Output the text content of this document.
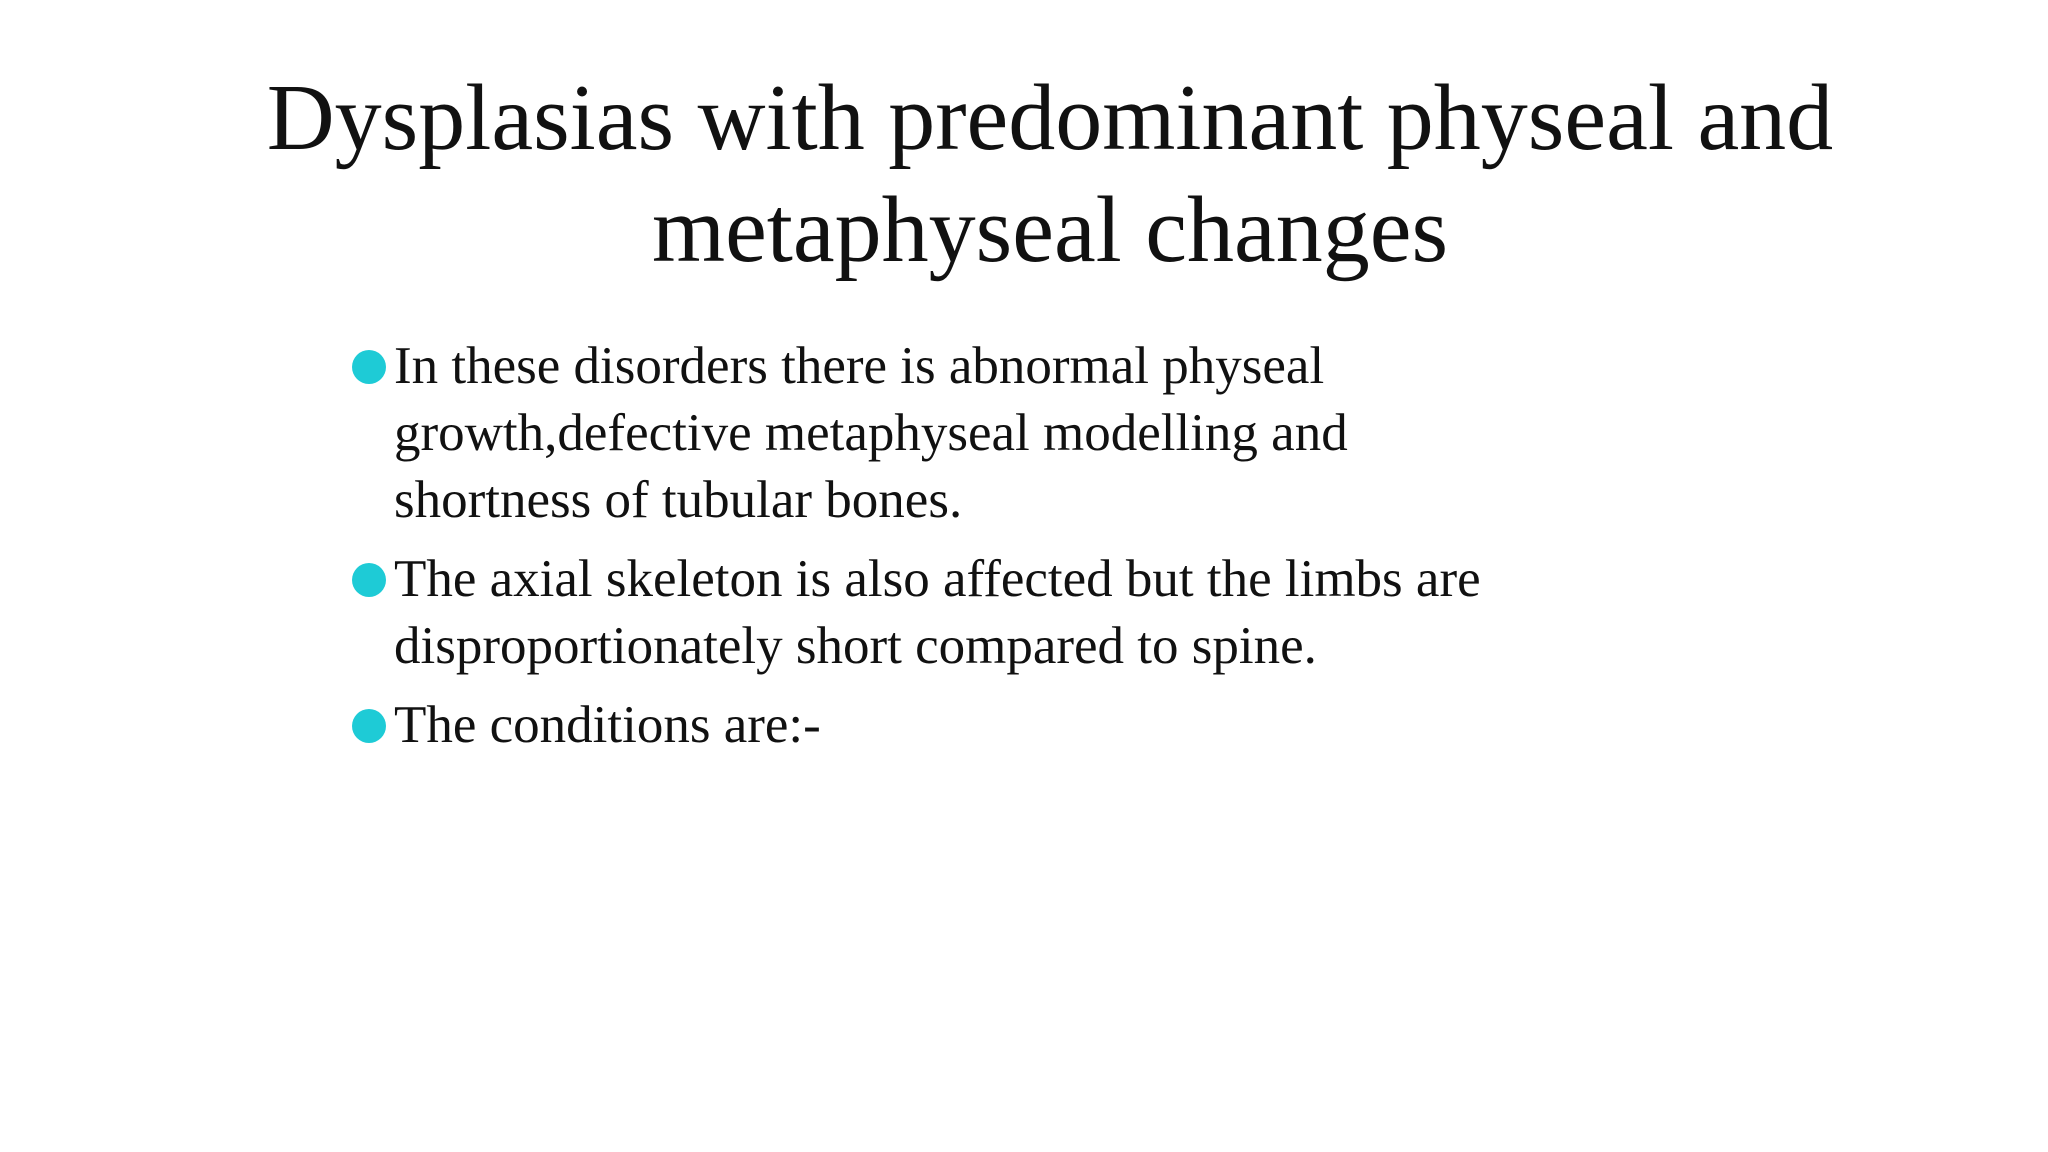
Dysplasias with predominant physeal and
metaphyseal changes
In these disorders there is abnormal physeal
growth,defective metaphyseal modelling and
shortness of tubular bones.
The axial skeleton is also affected but the limbs are
disproportionately short compared to spine.
The conditions are:-
